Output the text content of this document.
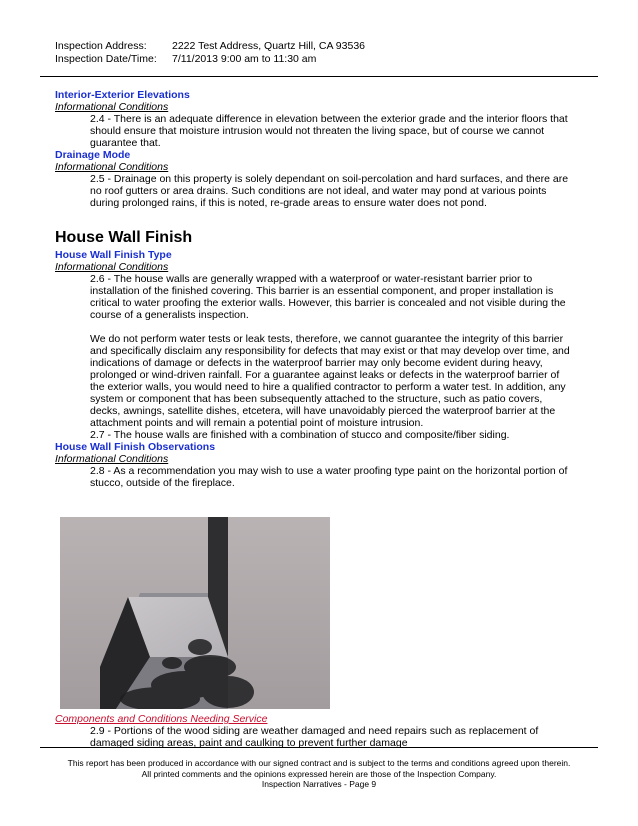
Inspection Address:	2222 Test Address, Quartz Hill, CA 93536
Inspection Date/Time:	7/11/2013 9:00 am to 11:30 am
Interior-Exterior Elevations
Informational Conditions
2.4 - There is an adequate difference in elevation between the exterior grade and the interior floors that should ensure that moisture intrusion would not threaten the living space, but of course we cannot guarantee that.
Drainage Mode
Informational Conditions
2.5 - Drainage on this property is solely dependant on soil-percolation and hard surfaces, and there are no roof gutters or area drains. Such conditions are not ideal, and water may pond at various points during prolonged rains, if this is noted, re-grade areas to ensure water does not pond.
House Wall Finish
House Wall Finish Type
Informational Conditions
2.6 - The house walls are generally wrapped with a waterproof or water-resistant barrier prior to installation of the finished covering. This barrier is an essential component, and proper installation is critical to water proofing the exterior walls. However, this barrier is concealed and not visible during the course of a generalists inspection.
We do not perform water tests or leak tests, therefore, we cannot guarantee the integrity of this barrier and specifically disclaim any responsibility for defects that may exist or that may develop over time, and indications of damage or defects in the waterproof barrier may only become evident during heavy, prolonged or wind-driven rainfall. For a guarantee against leaks or defects in the waterproof barrier of the exterior walls, you would need to hire a qualified contractor to perform a water test. In addition, any system or component that has been subsequently attached to the structure, such as patio covers, decks, awnings, satellite dishes, etcetera, will have unavoidably pierced the waterproof barrier at the attachment points and will remain a potential point of moisture intrusion.
2.7 - The house walls are finished with a combination of stucco and composite/fiber siding.
House Wall Finish Observations
Informational Conditions
2.8 - As a recommendation you may wish to use a water proofing type paint on the horizontal portion of stucco, outside of the fireplace.
Components and Conditions Needing Service
2.9 - Portions of the wood siding are weather damaged and need repairs such as replacement of damaged siding areas, paint and caulking to prevent further damage
This report has been produced in accordance with our signed contract and is subject to the terms and conditions agreed upon therein.
All printed comments and the opinions expressed herein are those of the Inspection Company.
Inspection Narratives - Page 9
